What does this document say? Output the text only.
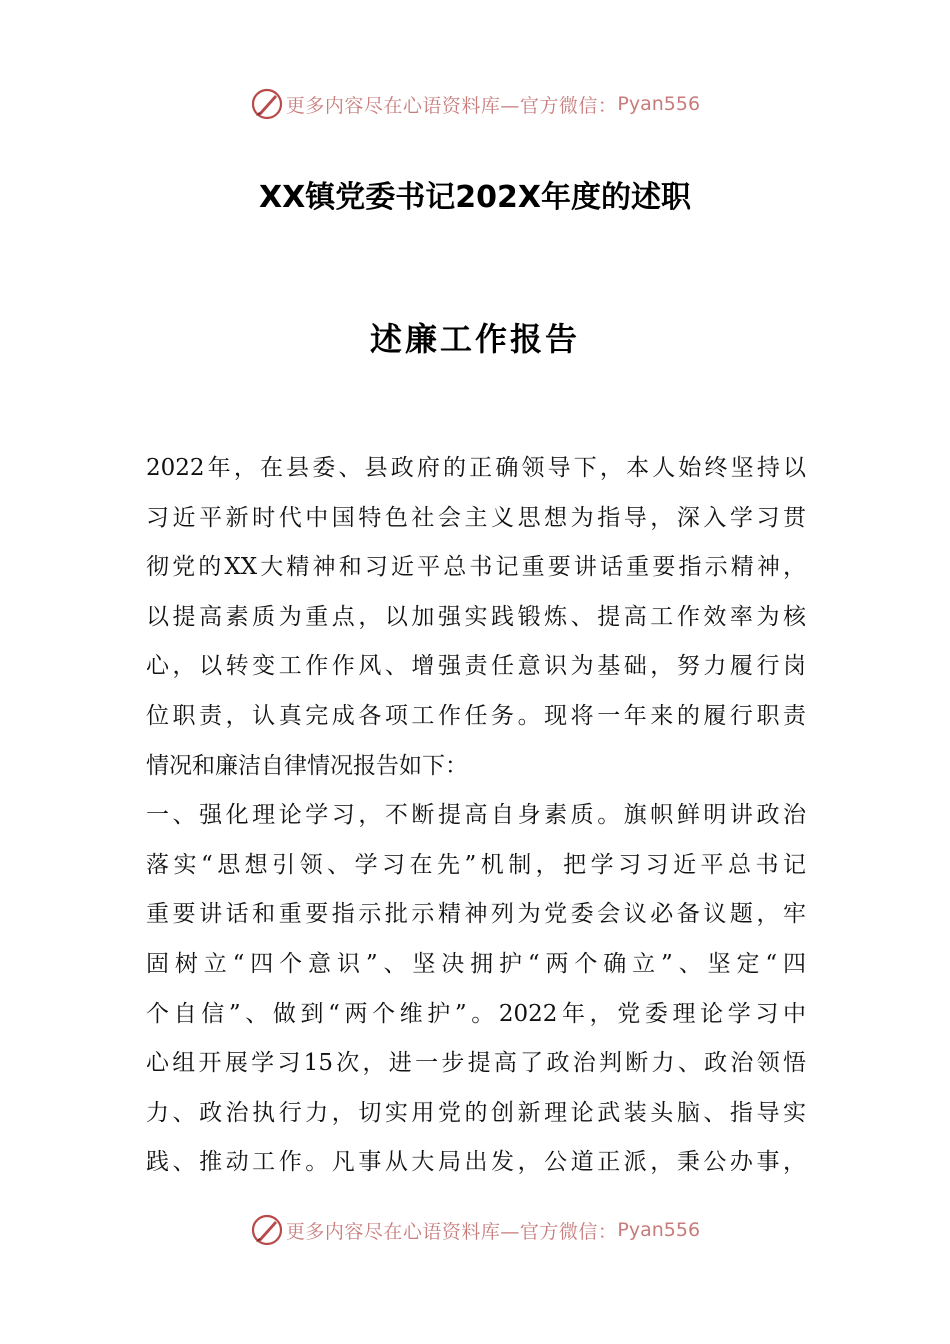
更多内容尽在心语资料库—官方微信： Pyan556
XX镇党委书记202X年度的述职
述廉工作报告
2022年，在县委、县政府的正确领导下，本人始终坚持以
习近平新时代中国特色社会主义思想为指导，深入学习贯
彻党的XX大精神和习近平总书记重要讲话重要指示精神，
以提高素质为重点，以加强实践锻炼、提高工作效率为核
心，以转变工作作风、增强责任意识为基础，努力履行岗
位职责，认真完成各项工作任务。现将一年来的履行职责
情况和廉洁自律情况报告如下：
一、强化理论学习，不断提高自身素质。旗帜鲜明讲政治
落实“思想引领、学习在先”机制，把学习习近平总书记
重要讲话和重要指示批示精神列为党委会议必备议题，牢
固树立“四个意识”、坚决拥护“两个确立”、坚定“四
个自信”、做到“两个维护”。2022年，党委理论学习中
心组开展学习15次，进一步提高了政治判断力、政治领悟
力、政治执行力，切实用党的创新理论武装头脑、指导实
践、推动工作。凡事从大局出发，公道正派，秉公办事，
更多内容尽在心语资料库—官方微信： Pyan556
